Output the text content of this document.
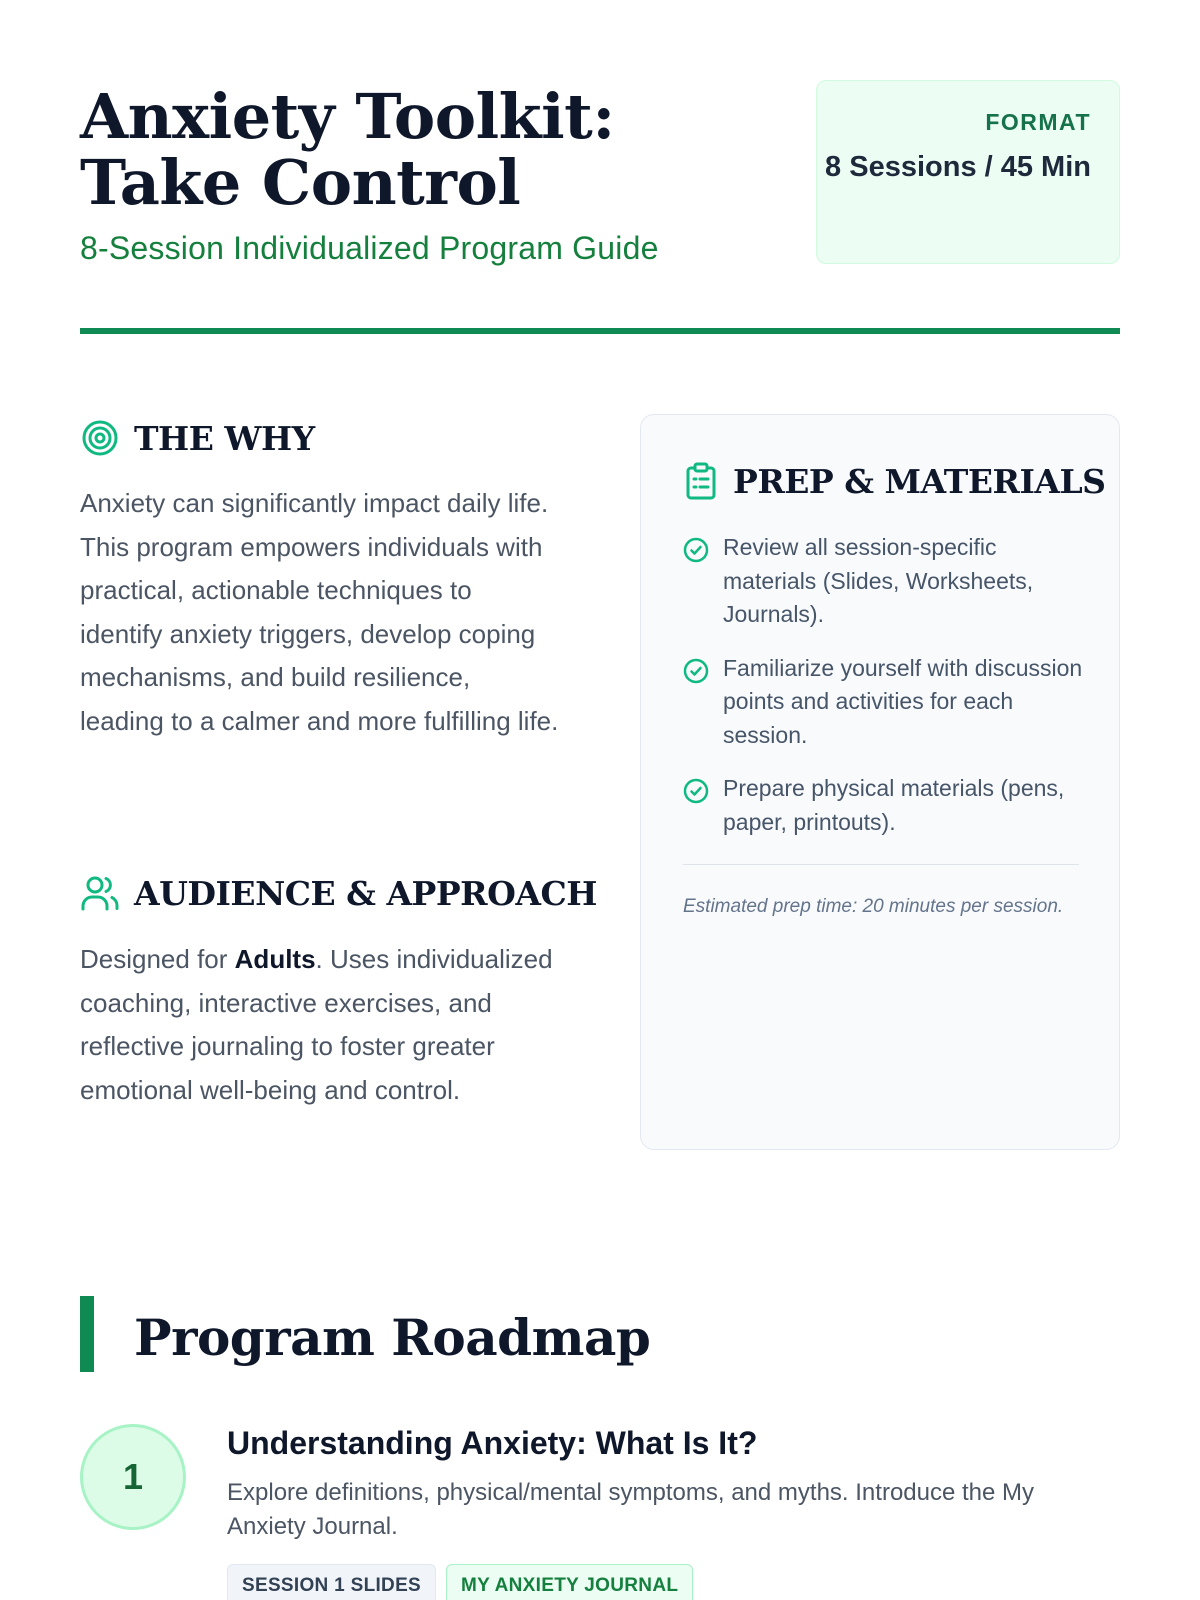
Anxiety Toolkit: Take Control
8-Session Individualized Program Guide
FORMAT
8 Sessions / 45 Min
THE WHY

Anxiety can significantly impact daily life. This program empowers individuals with practical, actionable techniques to identify anxiety triggers, develop coping mechanisms, and build resilience, leading to a calmer and more fulfilling life.

AUDIENCE & APPROACH

Designed for Adults. Uses individualized coaching, interactive exercises, and reflective journaling to foster greater emotional well-being and control.

PREP & MATERIALS
Review all session-specific materials (Slides, Worksheets, Journals).
Familiarize yourself with discussion points and activities for each session.
Prepare physical materials (pens, paper, printouts).

Estimated prep time: 20 minutes per session.

Program Roadmap
1
Understanding Anxiety: What Is It?

Explore definitions, physical/mental symptoms, and myths. Introduce the My Anxiety Journal.

SESSION 1 SLIDES	MY ANXIETY JOURNAL
